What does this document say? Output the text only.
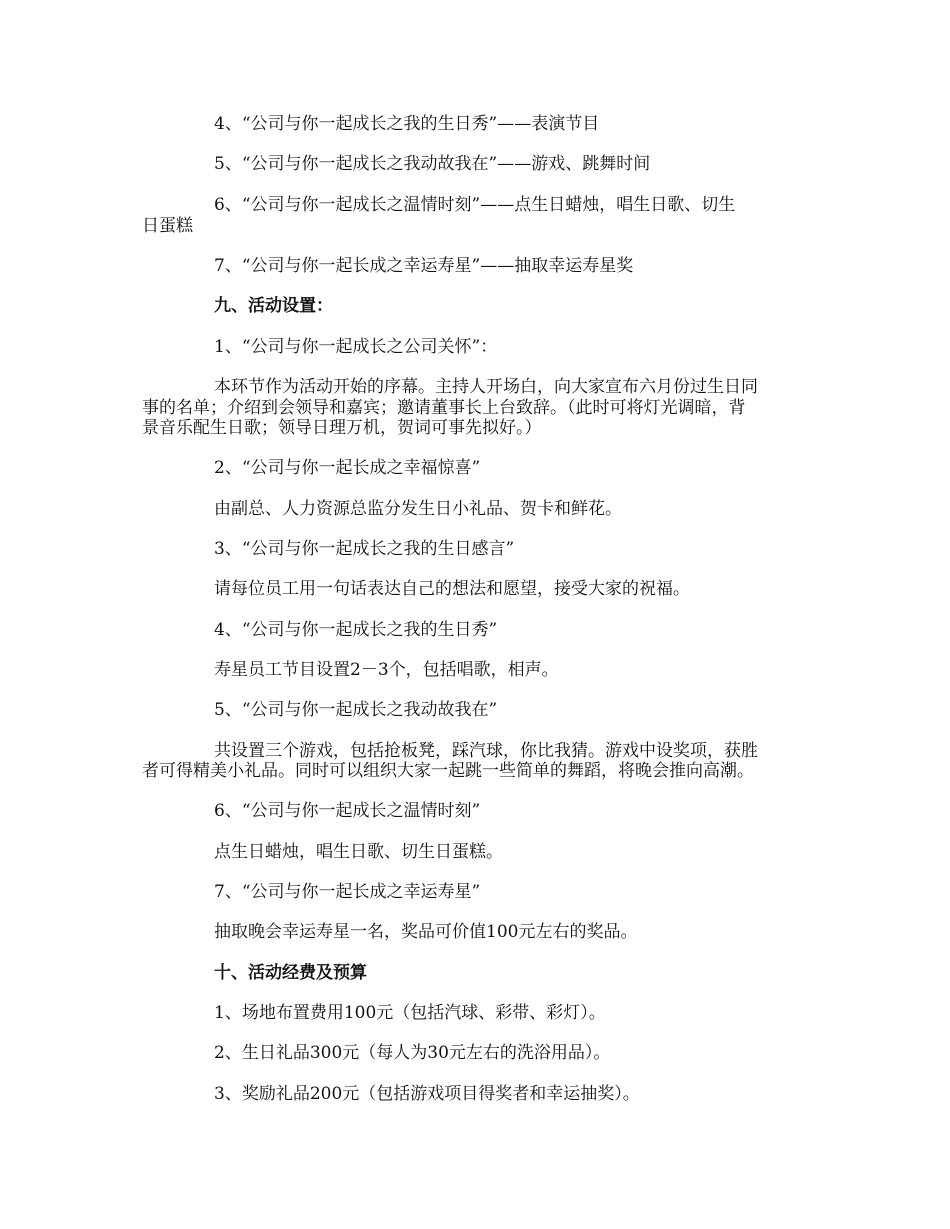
4、“公司与你一起成长之我的生日秀”——表演节目
5、“公司与你一起成长之我动故我在”——游戏、跳舞时间
6、“公司与你一起成长之温情时刻”——点生日蜡烛，唱生日歌、切生
日蛋糕
7、“公司与你一起长成之幸运寿星”——抽取幸运寿星奖
九、活动设置：
1、“公司与你一起成长之公司关怀”：
本环节作为活动开始的序幕。主持人开场白，向大家宣布六月份过生日同
事的名单；介绍到会领导和嘉宾；邀请董事长上台致辞。（此时可将灯光调暗，背
景音乐配生日歌；领导日理万机，贺词可事先拟好。）
2、“公司与你一起长成之幸福惊喜”
由副总、人力资源总监分发生日小礼品、贺卡和鲜花。
3、“公司与你一起成长之我的生日感言”
请每位员工用一句话表达自己的想法和愿望，接受大家的祝福。
4、“公司与你一起成长之我的生日秀”
寿星员工节目设置2－3个，包括唱歌，相声。
5、“公司与你一起成长之我动故我在”
共设置三个游戏，包括抢板凳，踩汽球，你比我猜。游戏中设奖项，获胜
者可得精美小礼品。同时可以组织大家一起跳一些简单的舞蹈，将晚会推向高潮。
6、“公司与你一起成长之温情时刻”
点生日蜡烛，唱生日歌、切生日蛋糕。
7、“公司与你一起长成之幸运寿星”
抽取晚会幸运寿星一名，奖品可价值100元左右的奖品。
十、活动经费及预算
1、场地布置费用100元（包括汽球、彩带、彩灯）。
2、生日礼品300元（每人为30元左右的洗浴用品）。
3、奖励礼品200元（包括游戏项目得奖者和幸运抽奖）。
